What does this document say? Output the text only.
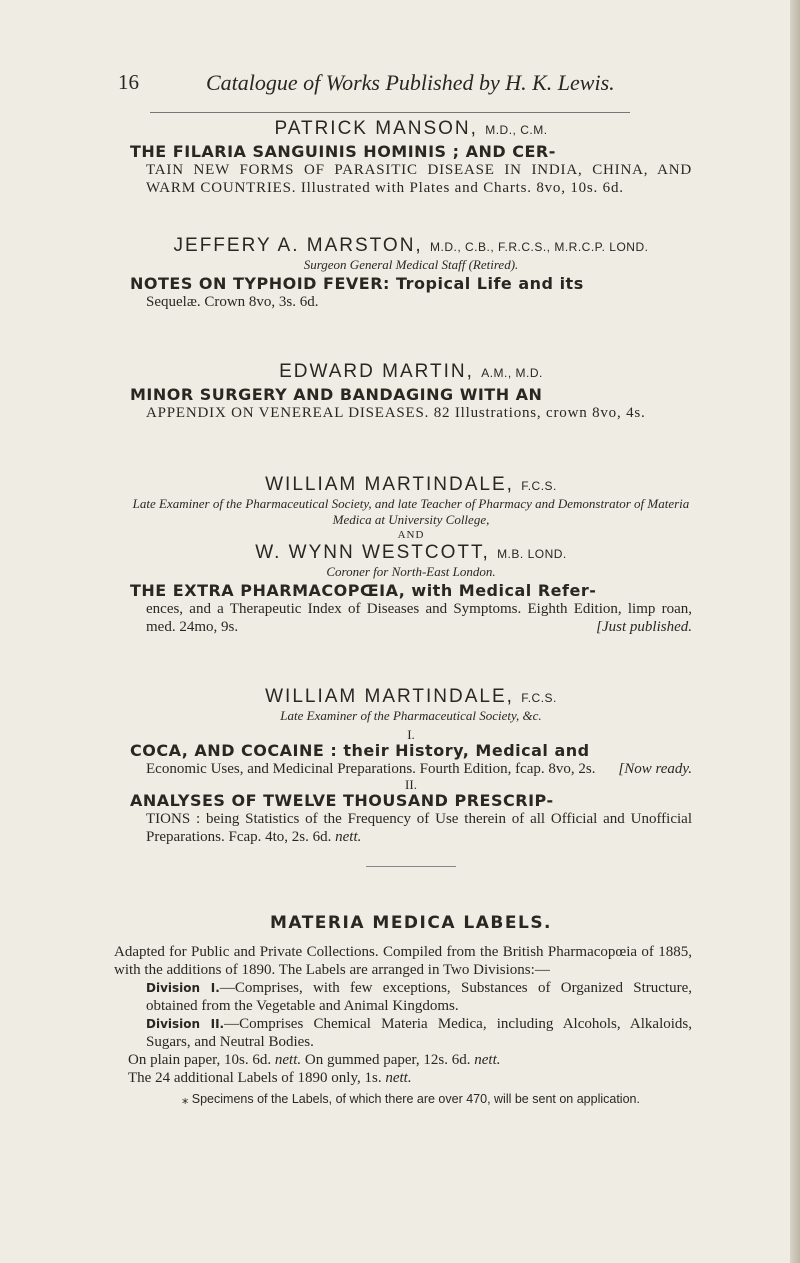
16	Catalogue of Works Published by H. K. Lewis.
PATRICK MANSON, M.D., C.M.
THE FILARIA SANGUINIS HOMINIS ; AND CER-
TAIN NEW FORMS OF PARASITIC DISEASE IN INDIA, CHINA, AND WARM COUNTRIES. Illustrated with Plates and Charts. 8vo, 10s. 6d.
JEFFERY A. MARSTON, M.D., C.B., F.R.C.S., M.R.C.P. LOND.
Surgeon General Medical Staff (Retired).
NOTES ON TYPHOID FEVER: Tropical Life and its
Sequelæ. Crown 8vo, 3s. 6d.
EDWARD MARTIN, A.M., M.D.
MINOR SURGERY AND BANDAGING WITH AN
APPENDIX ON VENEREAL DISEASES. 82 Illustrations, crown 8vo, 4s.
WILLIAM MARTINDALE, F.C.S.
Late Examiner of the Pharmaceutical Society, and late Teacher of Pharmacy and Demonstrator of Materia Medica at University College,
AND
W. WYNN WESTCOTT, M.B. LOND.
Coroner for North-East London.
THE EXTRA PHARMACOPŒIA, with Medical Refer-
ences, and a Therapeutic Index of Diseases and Symptoms. Eighth Edition, limp roan, med. 24mo, 9s.	[Just published.
WILLIAM MARTINDALE, F.C.S.
Late Examiner of the Pharmaceutical Society, &c.
I.
COCA, AND COCAINE : their History, Medical and
Economic Uses, and Medicinal Preparations. Fourth Edition, fcap. 8vo, 2s. [Now ready.
II.
ANALYSES OF TWELVE THOUSAND PRESCRIP-
TIONS : being Statistics of the Frequency of Use therein of all Official and Unofficial Preparations. Fcap. 4to, 2s. 6d. nett.
MATERIA MEDICA LABELS.
Adapted for Public and Private Collections. Compiled from the British Pharmacopœia of 1885, with the additions of 1890. The Labels are arranged in Two Divisions:—
Division I.—Comprises, with few exceptions, Substances of Organized Structure, obtained from the Vegetable and Animal Kingdoms.
Division II.—Comprises Chemical Materia Medica, including Alcohols, Alkaloids, Sugars, and Neutral Bodies.
On plain paper, 10s. 6d. nett. On gummed paper, 12s. 6d. nett.
The 24 additional Labels of 1890 only, 1s. nett.
⁎ Specimens of the Labels, of which there are over 470, will be sent on application.
